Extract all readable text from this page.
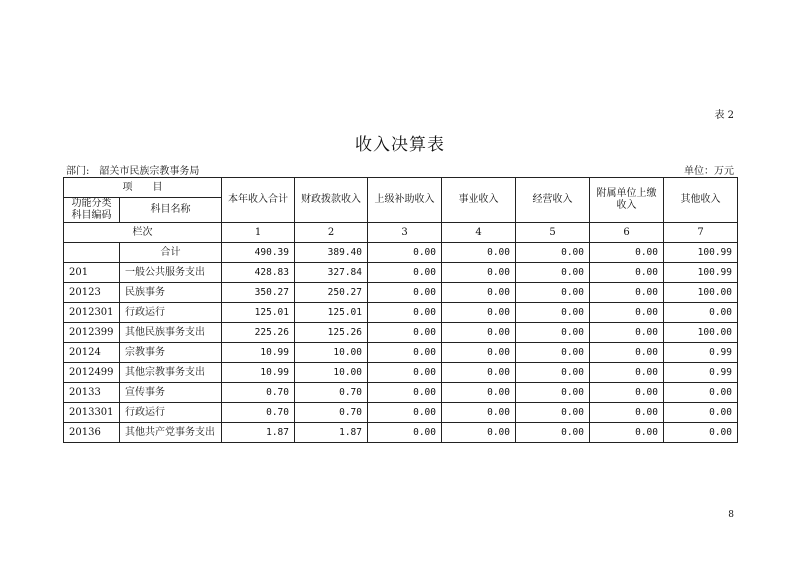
表 2
收入决算表
部门: 韶关市民族宗教事务局	单位：万元
项　　目		本年收入合计	财政拨款收入	上级补助收入	事业收入	经营收入	附属单位上缴收入	其他收入
功能分类
科目编码	科目名称							
栏次		1	2	3	4	5	6	7
	合计	490.39	389.40	0.00	0.00	0.00	0.00	100.99
201	一般公共服务支出	428.83	327.84	0.00	0.00	0.00	0.00	100.99
20123	民族事务	350.27	250.27	0.00	0.00	0.00	0.00	100.00
2012301	行政运行	125.01	125.01	0.00	0.00	0.00	0.00	0.00
2012399	其他民族事务支出	225.26	125.26	0.00	0.00	0.00	0.00	100.00
20124	宗教事务	10.99	10.00	0.00	0.00	0.00	0.00	0.99
2012499	其他宗教事务支出	10.99	10.00	0.00	0.00	0.00	0.00	0.99
20133	宣传事务	0.70	0.70	0.00	0.00	0.00	0.00	0.00
2013301	行政运行	0.70	0.70	0.00	0.00	0.00	0.00	0.00
20136	其他共产党事务支出	1.87	1.87	0.00	0.00	0.00	0.00	0.00
8
